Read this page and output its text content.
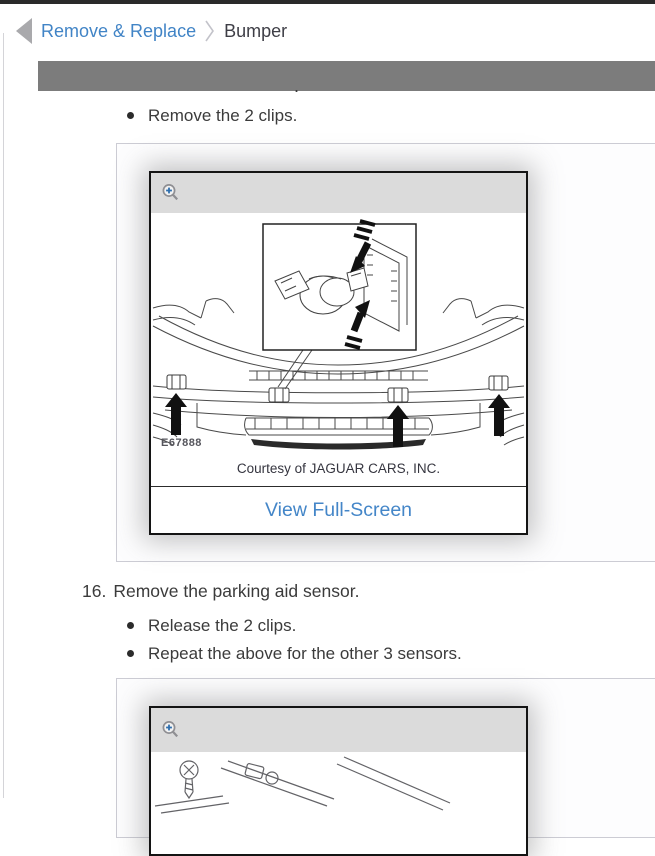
Remove & Replace Bumper
.
Remove the 2 clips.
E67888
Courtesy of JAGUAR CARS, INC.
View Full-Screen
16. Remove the parking aid sensor.
Release the 2 clips.
Repeat the above for the other 3 sensors.
